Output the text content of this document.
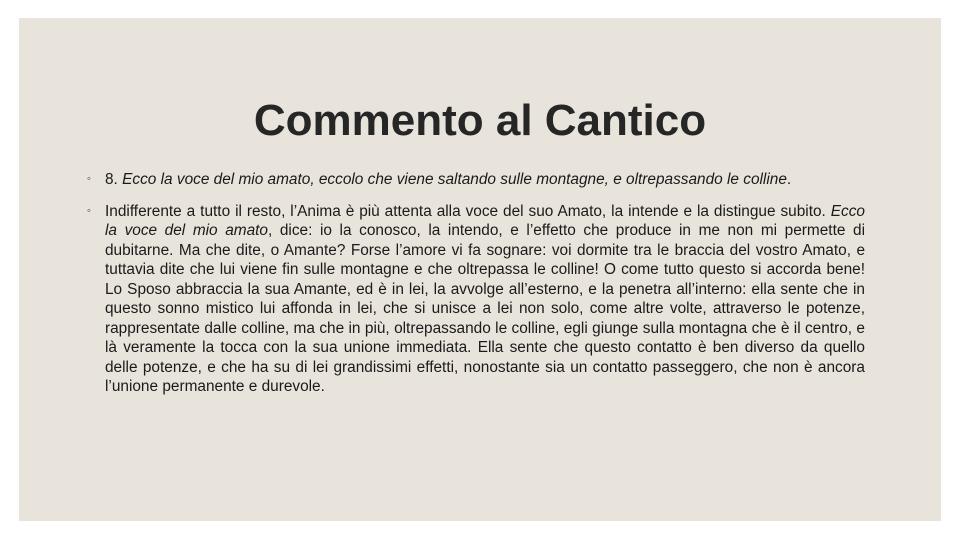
Commento al Cantico
◦ 8. Ecco la voce del mio amato, eccolo che viene saltando sulle montagne, e oltrepassando le colline.
◦ Indifferente a tutto il resto, l’Anima è più attenta alla voce del suo Amato, la intende e la distingue subito. Ecco la voce del mio amato, dice: io la conosco, la intendo, e l’effetto che produce in me non mi permette di dubitarne. Ma che dite, o Amante? Forse l’amore vi fa sognare: voi dormite tra le braccia del vostro Amato, e tuttavia dite che lui viene fin sulle montagne e che oltrepassa le colline! O come tutto questo si accorda bene! Lo Sposo abbraccia la sua Amante, ed è in lei, la avvolge all’esterno, e la penetra all’interno: ella sente che in questo sonno mistico lui affonda in lei, che si unisce a lei non solo, come altre volte, attraverso le potenze, rappresentate dalle colline, ma che in più, oltrepassando le colline, egli giunge sulla montagna che è il centro, e là veramente la tocca con la sua unione immediata. Ella sente che questo contatto è ben diverso da quello delle potenze, e che ha su di lei grandissimi effetti, nonostante sia un contatto passeggero, che non è ancora l’unione permanente e durevole.
